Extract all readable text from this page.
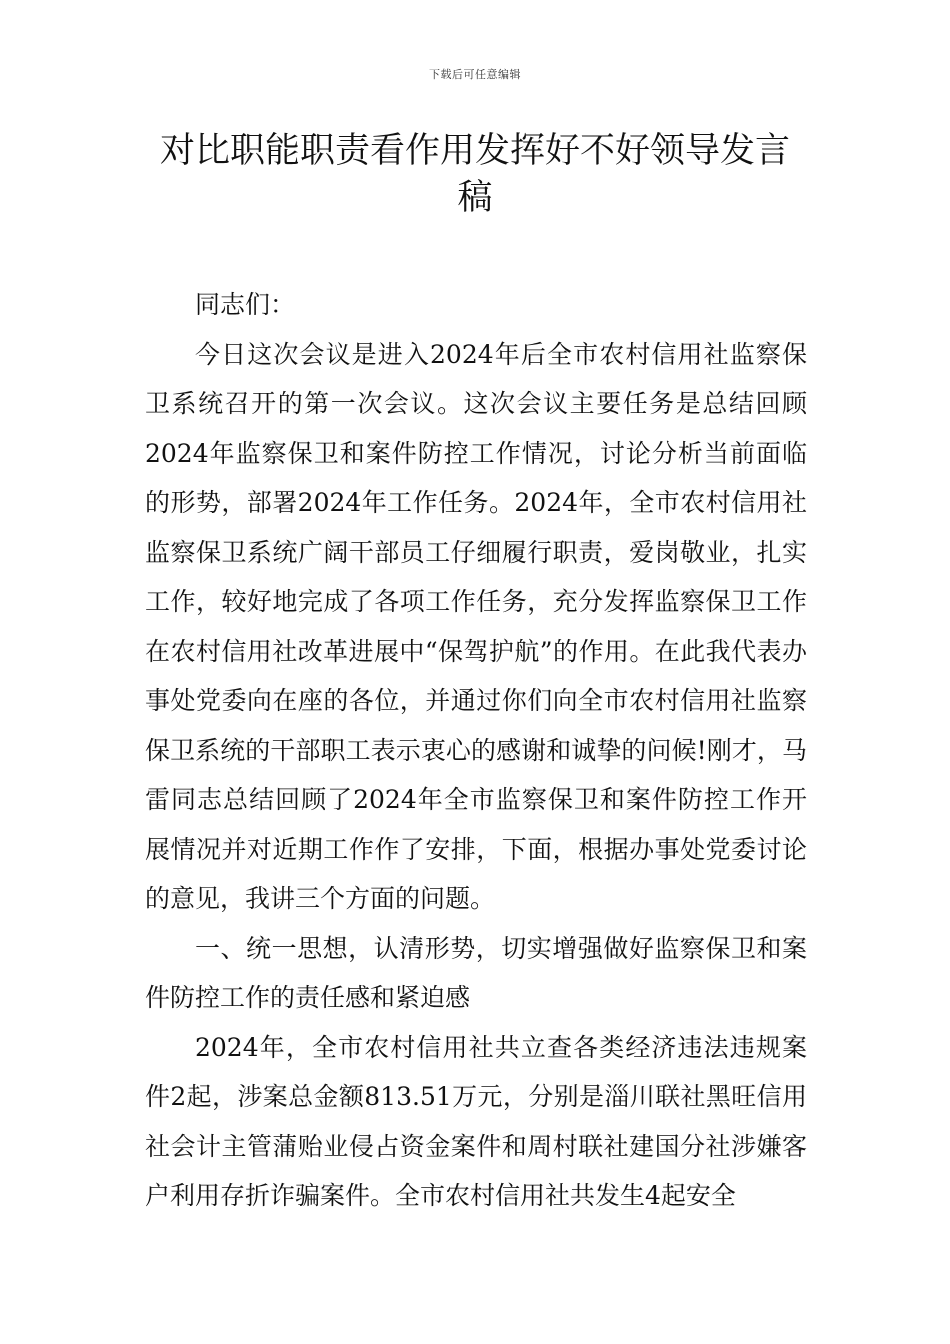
下载后可任意编辑
对比职能职责看作用发挥好不好领导发言稿

同志们：

今日这次会议是进入2024年后全市农村信用社监察保卫系统召开的第一次会议。这次会议主要任务是总结回顾2024年监察保卫和案件防控工作情况，讨论分析当前面临的形势，部署2024年工作任务。2024年，全市农村信用社监察保卫系统广阔干部员工仔细履行职责，爱岗敬业，扎实工作，较好地完成了各项工作任务，充分发挥监察保卫工作在农村信用社改革进展中“保驾护航”的作用。在此我代表办事处党委向在座的各位，并通过你们向全市农村信用社监察保卫系统的干部职工表示衷心的感谢和诚挚的问候!刚才，马雷同志总结回顾了2024年全市监察保卫和案件防控工作开展情况并对近期工作作了安排，下面，根据办事处党委讨论的意见，我讲三个方面的问题。

一、统一思想，认清形势，切实增强做好监察保卫和案件防控工作的责任感和紧迫感

2024年，全市农村信用社共立查各类经济违法违规案件2起，涉案总金额813.51万元，分别是淄川联社黑旺信用社会计主管蒲贻业侵占资金案件和周村联社建国分社涉嫌客户利用存折诈骗案件。全市农村信用社共发生4起安全
